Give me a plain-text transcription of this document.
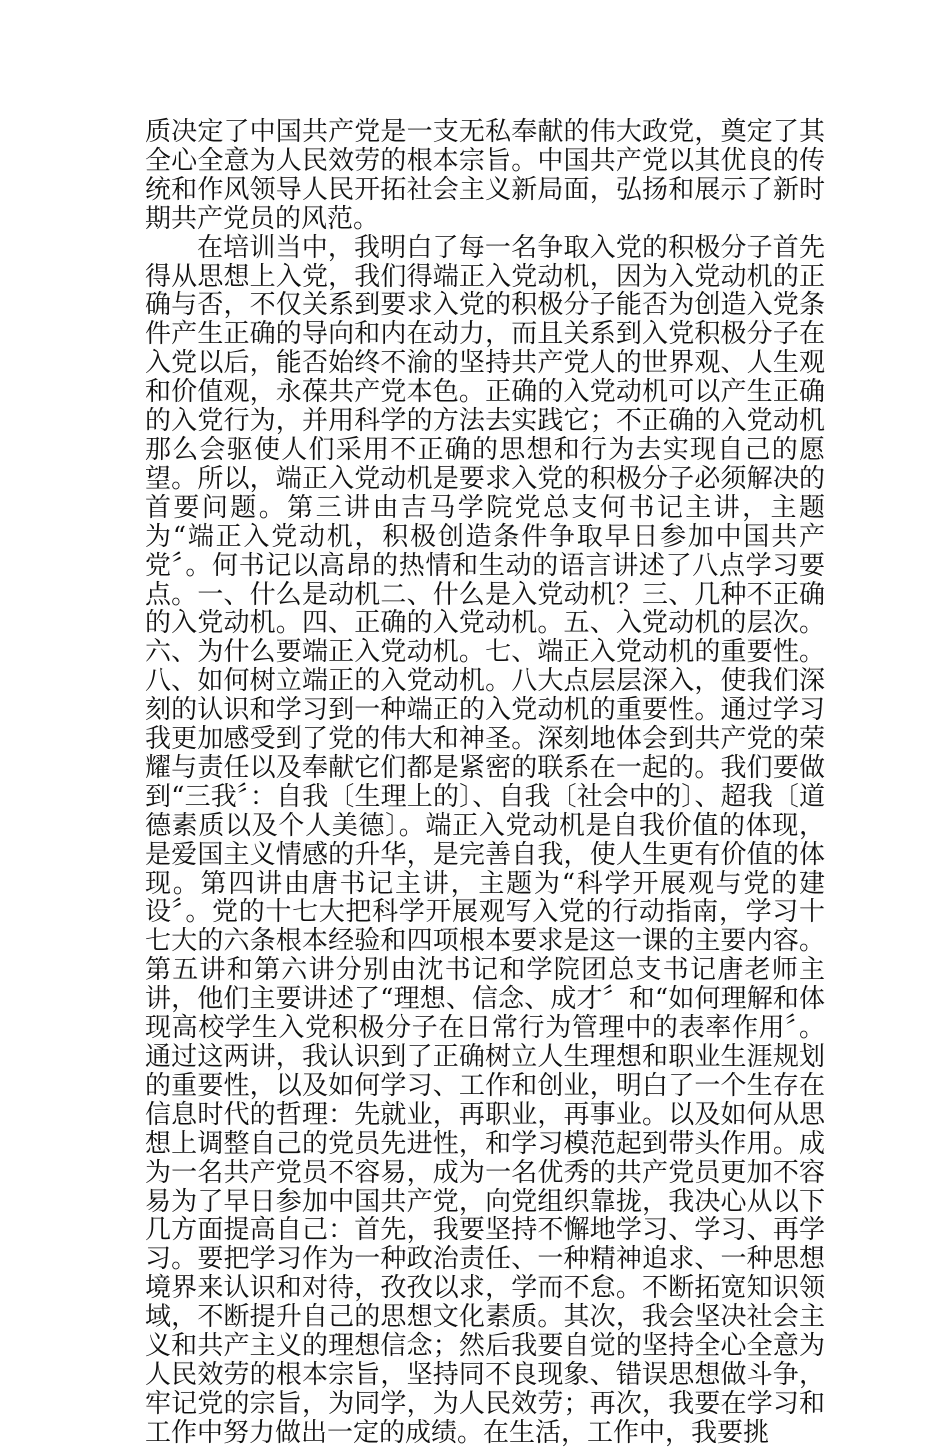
质决定了中国共产党是一支无私奉献的伟大政党，奠定了其全心全意为人民效劳的根本宗旨。中国共产党以其优良的传统和作风领导人民开拓社会主义新局面，弘扬和展示了新时期共产党员的风范。

在培训当中，我明白了每一名争取入党的积极分子首先得从思想上入党，我们得端正入党动机，因为入党动机的正确与否，不仅关系到要求入党的积极分子能否为创造入党条件产生正确的导向和内在动力，而且关系到入党积极分子在入党以后，能否始终不渝的坚持共产党人的世界观、人生观和价值观，永葆共产党本色。正确的入党动机可以产生正确的入党行为，并用科学的方法去实践它；不正确的入党动机那么会驱使人们采用不正确的思想和行为去实现自己的愿望。所以，端正入党动机是要求入党的积极分子必须解决的首要问题。第三讲由吉马学院党总支何书记主讲，主题为“端正入党动机，积极创造条件争取早日参加中国共产党〞。何书记以高昂的热情和生动的语言讲述了八点学习要点。一、什么是动机二、什么是入党动机？三、几种不正确的入党动机。四、正确的入党动机。五、入党动机的层次。六、为什么要端正入党动机。七、端正入党动机的重要性。八、如何树立端正的入党动机。八大点层层深入，使我们深刻的认识和学习到一种端正的入党动机的重要性。通过学习我更加感受到了党的伟大和神圣。深刻地体会到共产党的荣耀与责任以及奉献它们都是紧密的联系在一起的。我们要做到“三我〞：自我〔生理上的〕、自我〔社会中的〕、超我〔道德素质以及个人美德〕。端正入党动机是自我价值的体现，是爱国主义情感的升华，是完善自我，使人生更有价值的体现。第四讲由唐书记主讲，主题为“科学开展观与党的建设〞。党的十七大把科学开展观写入党的行动指南，学习十七大的六条根本经验和四项根本要求是这一课的主要内容。第五讲和第六讲分别由沈书记和学院团总支书记唐老师主讲，他们主要讲述了“理想、信念、成才〞和“如何理解和体现高校学生入党积极分子在日常行为管理中的表率作用〞。通过这两讲，我认识到了正确树立人生理想和职业生涯规划的重要性，以及如何学习、工作和创业，明白了一个生存在信息时代的哲理：先就业，再职业，再事业。以及如何从思想上调整自己的党员先进性，和学习模范起到带头作用。成为一名共产党员不容易，成为一名优秀的共产党员更加不容易为了早日参加中国共产党，向党组织靠拢，我决心从以下几方面提高自己：首先，我要坚持不懈地学习、学习、再学习。要把学习作为一种政治责任、一种精神追求、一种思想境界来认识和对待，孜孜以求，学而不怠。不断拓宽知识领域，不断提升自己的思想文化素质。其次，我会坚决社会主义和共产主义的理想信念；然后我要自觉的坚持全心全意为人民效劳的根本宗旨，坚持同不良现象、错误思想做斗争，牢记党的宗旨，为同学，为人民效劳；再次，我要在学习和工作中努力做出一定的成绩。在生活，工作中，我要挑
